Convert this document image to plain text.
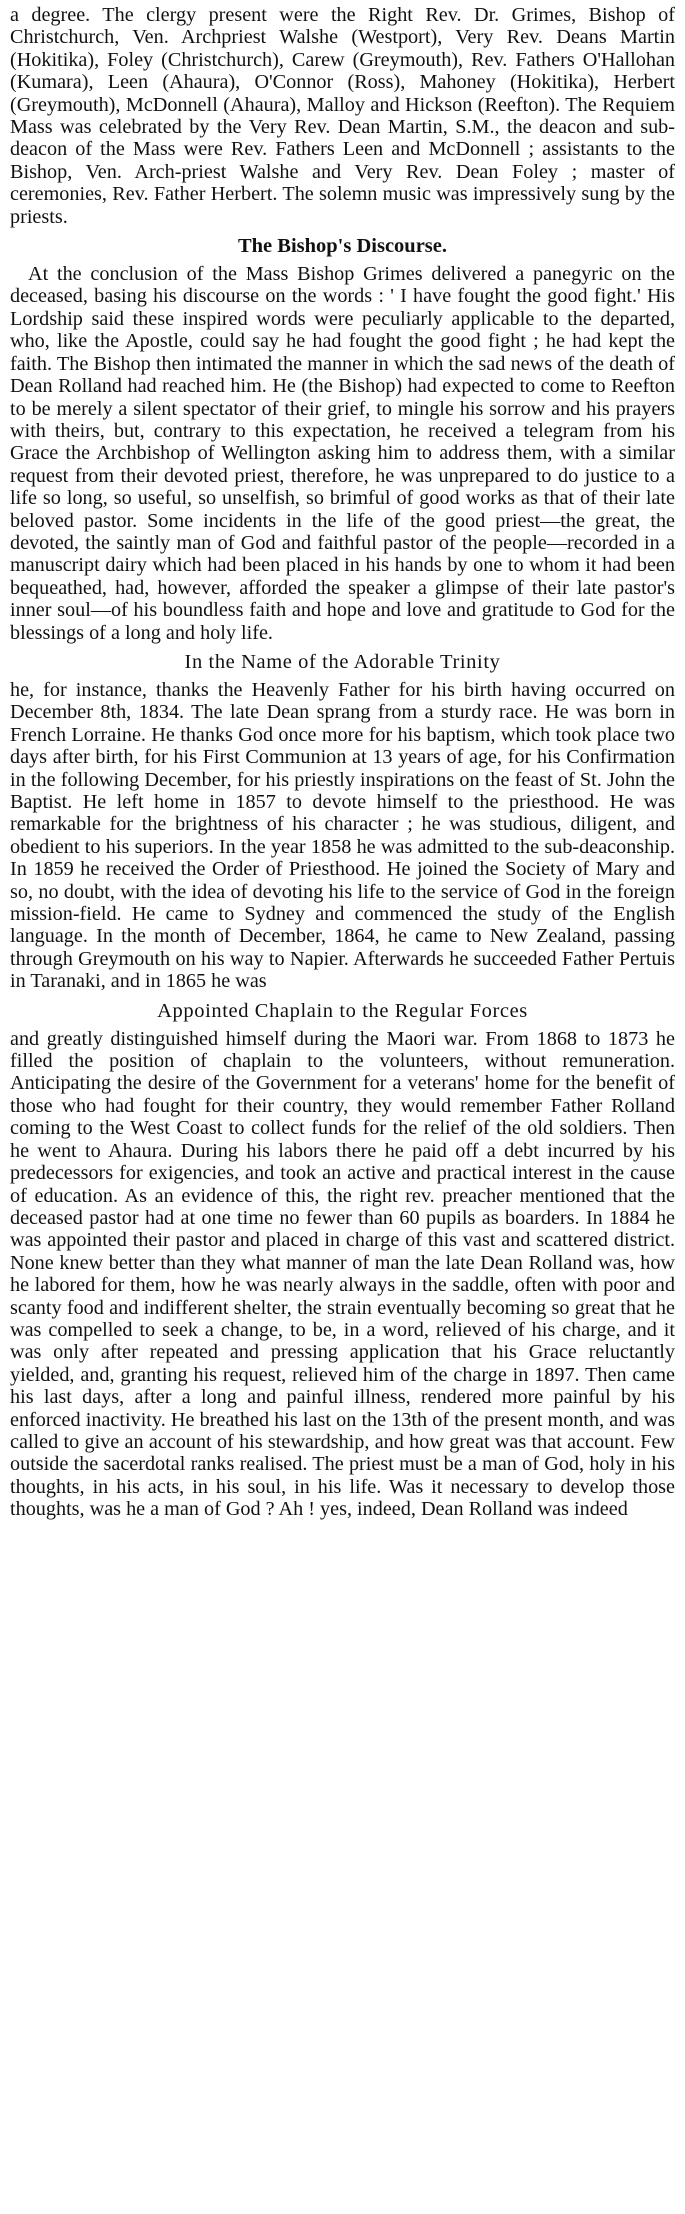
a degree. The clergy present were the Right Rev. Dr. Grimes, Bishop of Christchurch, Ven. Archpriest Walshe (Westport), Very Rev. Deans Martin (Hokitika), Foley (Christchurch), Carew (Greymouth), Rev. Fathers O'Hallohan (Kumara), Leen (Ahaura), O'Connor (Ross), Mahoney (Hokitika), Herbert (Greymouth), McDonnell (Ahaura), Malloy and Hickson (Reefton). The Requiem Mass was celebrated by the Very Rev. Dean Martin, S.M., the deacon and sub-deacon of the Mass were Rev. Fathers Leen and McDonnell ; assistants to the Bishop, Ven. Arch-priest Walshe and Very Rev. Dean Foley ; master of ceremonies, Rev. Father Herbert. The solemn music was impressively sung by the priests.

The Bishop's Discourse.

At the conclusion of the Mass Bishop Grimes delivered a panegyric on the deceased, basing his discourse on the words : ' I have fought the good fight.' His Lordship said these inspired words were peculiarly applicable to the departed, who, like the Apostle, could say he had fought the good fight ; he had kept the faith. The Bishop then intimated the manner in which the sad news of the death of Dean Rolland had reached him. He (the Bishop) had expected to come to Reefton to be merely a silent spectator of their grief, to mingle his sorrow and his prayers with theirs, but, contrary to this expectation, he received a telegram from his Grace the Archbishop of Wellington asking him to address them, with a similar request from their devoted priest, therefore, he was unprepared to do justice to a life so long, so useful, so unselfish, so brimful of good works as that of their late beloved pastor. Some incidents in the life of the good priest—the great, the devoted, the saintly man of God and faithful pastor of the people—recorded in a manuscript dairy which had been placed in his hands by one to whom it had been bequeathed, had, however, afforded the speaker a glimpse of their late pastor's inner soul—of his boundless faith and hope and love and gratitude to God for the blessings of a long and holy life.

In the Name of the Adorable Trinity

he, for instance, thanks the Heavenly Father for his birth having occurred on December 8th, 1834. The late Dean sprang from a sturdy race. He was born in French Lorraine. He thanks God once more for his baptism, which took place two days after birth, for his First Communion at 13 years of age, for his Confirmation in the following December, for his priestly inspirations on the feast of St. John the Baptist. He left home in 1857 to devote himself to the priesthood. He was remarkable for the brightness of his character ; he was studious, diligent, and obedient to his superiors. In the year 1858 he was admitted to the sub-deaconship. In 1859 he received the Order of Priesthood. He joined the Society of Mary and so, no doubt, with the idea of devoting his life to the service of God in the foreign mission-field. He came to Sydney and commenced the study of the English language. In the month of December, 1864, he came to New Zealand, passing through Greymouth on his way to Napier. Afterwards he succeeded Father Pertuis in Taranaki, and in 1865 he was

Appointed Chaplain to the Regular Forces

and greatly distinguished himself during the Maori war. From 1868 to 1873 he filled the position of chaplain to the volunteers, without remuneration. Anticipating the desire of the Government for a veterans' home for the benefit of those who had fought for their country, they would remember Father Rolland coming to the West Coast to collect funds for the relief of the old soldiers. Then he went to Ahaura. During his labors there he paid off a debt incurred by his predecessors for exigencies, and took an active and practical interest in the cause of education. As an evidence of this, the right rev. preacher mentioned that the deceased pastor had at one time no fewer than 60 pupils as boarders. In 1884 he was appointed their pastor and placed in charge of this vast and scattered district. None knew better than they what manner of man the late Dean Rolland was, how he labored for them, how he was nearly always in the saddle, often with poor and scanty food and indifferent shelter, the strain eventually becoming so great that he was compelled to seek a change, to be, in a word, relieved of his charge, and it was only after repeated and pressing application that his Grace reluctantly yielded, and, granting his request, relieved him of the charge in 1897. Then came his last days, after a long and painful illness, rendered more painful by his enforced inactivity. He breathed his last on the 13th of the present month, and was called to give an account of his stewardship, and how great was that account. Few outside the sacerdotal ranks realised. The priest must be a man of God, holy in his thoughts, in his acts, in his soul, in his life. Was it necessary to develop those thoughts, was he a man of God ? Ah ! yes, indeed, Dean Rolland was indeed
